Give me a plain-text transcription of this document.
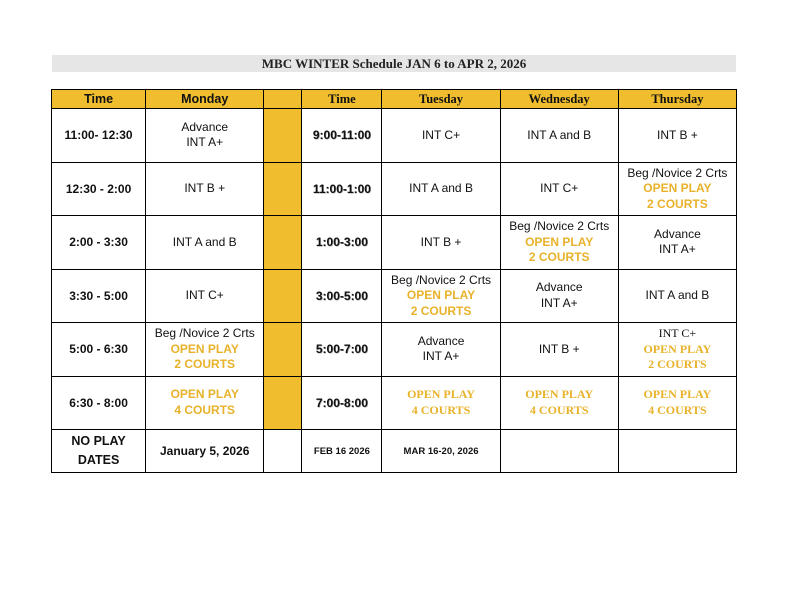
MBC WINTER Schedule JAN 6 to APR 2, 2026
Time	Monday		Time	Tuesday	Wednesday	Thursday
11:00- 12:30	Advance
INT A+		9:00-11:00	INT C+	INT A and B	INT B +

12:30 - 2:00	INT B +		11:00-1:00	INT A and B	INT C+	Beg /Novice 2 Crts
OPEN PLAY
2 COURTS

2:00 - 3:30	INT A and B		1:00-3:00	INT B +	Beg /Novice 2 Crts
OPEN PLAY
2 COURTS	Advance
INT A+

3:30 - 5:00	INT C+		3:00-5:00	Beg /Novice 2 Crts
OPEN PLAY
2 COURTS	Advance
INT A+	INT A and B

5:00 - 6:30	Beg /Novice 2 Crts
OPEN PLAY
2 COURTS		5:00-7:00	Advance
INT A+	INT B +	INT C+
OPEN PLAY
2 COURTS

6:30 - 8:00	OPEN PLAY
4 COURTS		7:00-8:00	OPEN PLAY
4 COURTS	OPEN PLAY
4 COURTS	OPEN PLAY
4 COURTS

NO PLAY
DATES	January 5, 2026		FEB 16 2026	MAR 16-20, 2026		
